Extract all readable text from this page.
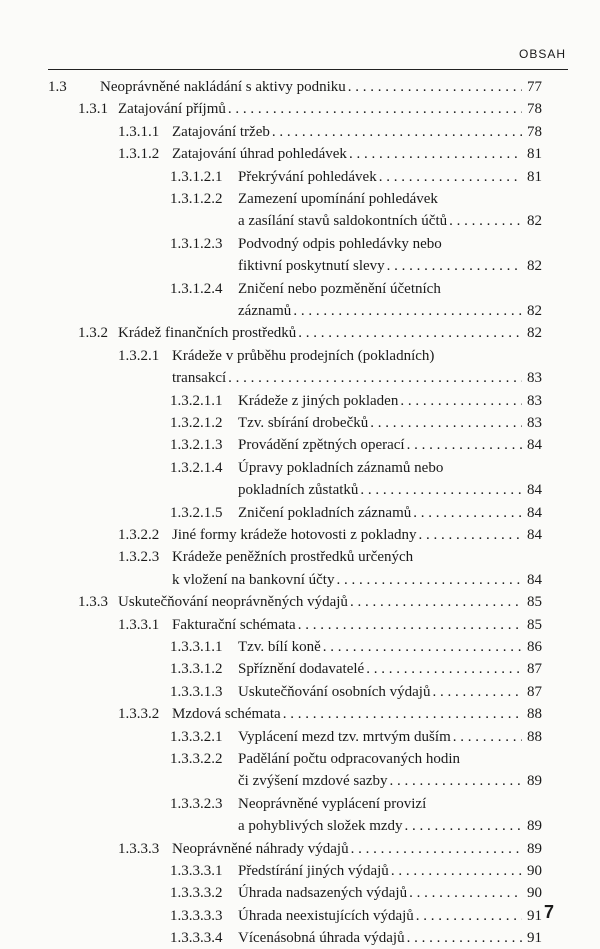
OBSAH
1.3 Neoprávněné nakládání s aktivy podniku . . .	77
1.3.1 Zatajování příjmů . . .	78
1.3.1.1 Zatajování tržeb . . .	78
1.3.1.2 Zatajování úhrad pohledávek . . .	81
1.3.1.2.1 Překrývání pohledávek . . .	81
1.3.1.2.2 Zamezení upomínání pohledávek
a zasílání stavů saldokontních účtů . . .	82
1.3.1.2.3 Podvodný odpis pohledávky nebo
fiktivní poskytnutí slevy . . .	82
1.3.1.2.4 Zničení nebo pozměnění účetních
záznamů . . .	82
1.3.2 Krádež finančních prostředků . . .	82
1.3.2.1 Krádeže v průběhu prodejních (pokladních)
transakcí . . .	83
1.3.2.1.1 Krádeže z jiných pokladen . . .	83
1.3.2.1.2 Tzv. sbírání drobečků . . .	83
1.3.2.1.3 Provádění zpětných operací . . .	84
1.3.2.1.4 Úpravy pokladních záznamů nebo
pokladních zůstatků . . .	84
1.3.2.1.5 Zničení pokladních záznamů . . .	84
1.3.2.2 Jiné formy krádeže hotovosti z pokladny . . .	84
1.3.2.3 Krádeže peněžních prostředků určených
k vložení na bankovní účty . . .	84
1.3.3 Uskutečňování neoprávněných výdajů . . .	85
1.3.3.1 Fakturační schémata . . .	85
1.3.3.1.1 Tzv. bílí koně . . .	86
1.3.3.1.2 Spříznění dodavatelé . . .	87
1.3.3.1.3 Uskutečňování osobních výdajů . . .	87
1.3.3.2 Mzdová schémata . . .	88
1.3.3.2.1 Vyplácení mezd tzv. mrtvým duším . . .	88
1.3.3.2.2 Padělání počtu odpracovaných hodin
či zvýšení mzdové sazby . . .	89
1.3.3.2.3 Neoprávněné vyplácení provizí
a pohyblivých složek mzdy . . .	89
1.3.3.3 Neoprávněné náhrady výdajů . . .	89
1.3.3.3.1 Předstírání jiných výdajů . . .	90
1.3.3.3.2 Úhrada nadsazených výdajů . . .	90
1.3.3.3.3 Úhrada neexistujících výdajů . . .	91
1.3.3.3.4 Vícenásobná úhrada výdajů . . .	91
7
